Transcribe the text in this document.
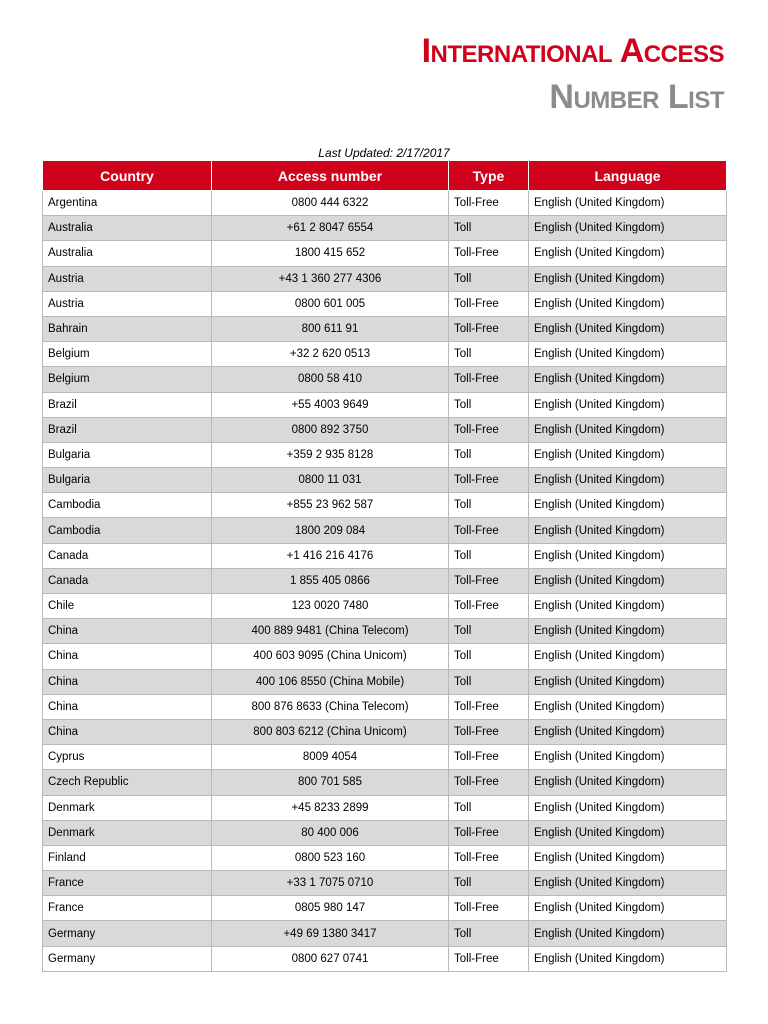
International Access
Number List
Last Updated: 2/17/2017
Country	Access number	Type	Language
Argentina	0800 444 6322	Toll-Free	English (United Kingdom)
Australia	+61 2 8047 6554	Toll	English (United Kingdom)
Australia	1800 415 652	Toll-Free	English (United Kingdom)
Austria	+43 1 360 277 4306	Toll	English (United Kingdom)
Austria	0800 601 005	Toll-Free	English (United Kingdom)
Bahrain	800 611 91	Toll-Free	English (United Kingdom)
Belgium	+32 2 620 0513	Toll	English (United Kingdom)
Belgium	0800 58 410	Toll-Free	English (United Kingdom)
Brazil	+55 4003 9649	Toll	English (United Kingdom)
Brazil	0800 892 3750	Toll-Free	English (United Kingdom)
Bulgaria	+359 2 935 8128	Toll	English (United Kingdom)
Bulgaria	0800 11 031	Toll-Free	English (United Kingdom)
Cambodia	+855 23 962 587	Toll	English (United Kingdom)
Cambodia	1800 209 084	Toll-Free	English (United Kingdom)
Canada	+1 416 216 4176	Toll	English (United Kingdom)
Canada	1 855 405 0866	Toll-Free	English (United Kingdom)
Chile	123 0020 7480	Toll-Free	English (United Kingdom)
China	400 889 9481 (China Telecom)	Toll	English (United Kingdom)
China	400 603 9095 (China Unicom)	Toll	English (United Kingdom)
China	400 106 8550 (China Mobile)	Toll	English (United Kingdom)
China	800 876 8633 (China Telecom)	Toll-Free	English (United Kingdom)
China	800 803 6212 (China Unicom)	Toll-Free	English (United Kingdom)
Cyprus	8009 4054	Toll-Free	English (United Kingdom)
Czech Republic	800 701 585	Toll-Free	English (United Kingdom)
Denmark	+45 8233 2899	Toll	English (United Kingdom)
Denmark	80 400 006	Toll-Free	English (United Kingdom)
Finland	0800 523 160	Toll-Free	English (United Kingdom)
France	+33 1 7075 0710	Toll	English (United Kingdom)
France	0805 980 147	Toll-Free	English (United Kingdom)
Germany	+49 69 1380 3417	Toll	English (United Kingdom)
Germany	0800 627 0741	Toll-Free	English (United Kingdom)
